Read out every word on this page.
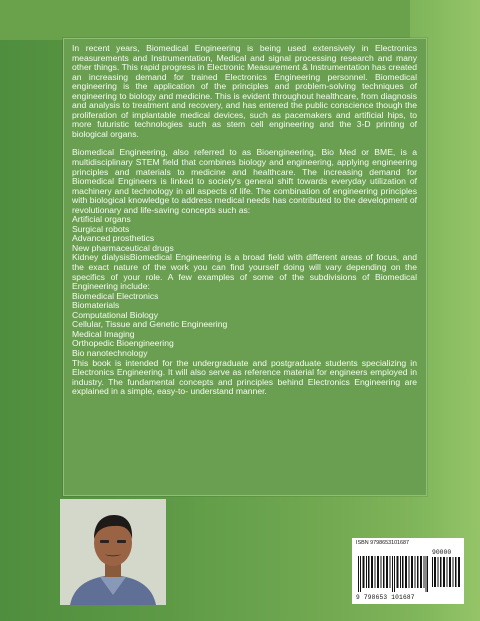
In recent years, Biomedical Engineering is being used extensively in Electronics measurements and Instrumentation, Medical and signal processing research and many other things. This rapid progress in Electronic Measurement & Instrumentation has created an increasing demand for trained Electronics Engineering personnel. Biomedical engineering is the application of the principles and problem-solving techniques of engineering to biology and medicine. This is evident throughout healthcare, from diagnosis and analysis to treatment and recovery, and has entered the public conscience though the proliferation of implantable medical devices, such as pacemakers and artificial hips, to more futuristic technologies such as stem cell engineering and the 3-D printing of biological organs.

Biomedical Engineering, also referred to as Bioengineering, Bio Med or BME, is a multidisciplinary STEM field that combines biology and engineering, applying engineering principles and materials to medicine and healthcare. The increasing demand for Biomedical Engineers is linked to society's general shift towards everyday utilization of machinery and technology in all aspects of life. The combination of engineering principles with biological knowledge to address medical needs has contributed to the development of revolutionary and life-saving concepts such as:

Artificial organs

Surgical robots

Advanced prosthetics

New pharmaceutical drugs

Kidney dialysisBiomedical Engineering is a broad field with different areas of focus, and the exact nature of the work you can find yourself doing will vary depending on the specifics of your role. A few examples of some of the subdivisions of Biomedical Engineering include:

Biomedical Electronics

Biomaterials

Computational Biology

Cellular, Tissue and Genetic Engineering

Medical Imaging

Orthopedic Bioengineering

Bio nanotechnology

This book is intended for the undergraduate and postgraduate students specializing in Electronics Engineering. It will also serve as reference material for engineers employed in industry. The fundamental concepts and principles behind Electronics Engineering are explained in a simple, easy-to- understand manner.

ISBN 9798653101687
90000
9 798653 101687
